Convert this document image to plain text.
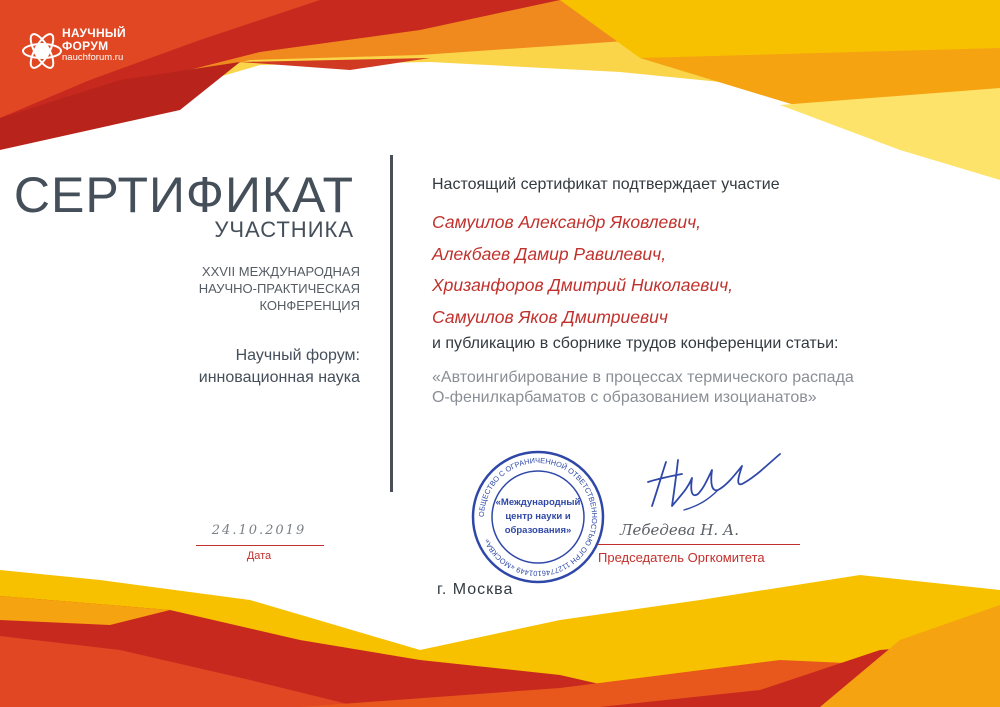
НАУЧНЫЙ
ФОРУМ
nauchforum.ru
СЕРТИФИКАТ
УЧАСТНИКА
XXVII МЕЖДУНАРОДНАЯ
НАУЧНО-ПРАКТИЧЕСКАЯ
КОНФЕРЕНЦИЯ
Научный форум:
инновационная наука
Настоящий сертификат подтверждает участие
Самуилов Александр Яковлевич,
Алекбаев Дамир Равилевич,
Хризанфоров Дмитрий Николаевич,
Самуилов Яков Дмитриевич
и публикацию в сборнике трудов конференции статьи:
«Автоингибирование в процессах термического распада
О-фенилкарбаматов с образованием изоцианатов»
24.10.2019
Дата
ОБЩЕСТВО С ОГРАНИЧЕННОЙ ОТВЕТСТВЕННОСТЬЮ ОГРН 1127746101449 «МОСКВА»
«Международный
центр науки и
образования»	Лебедева Н. А.
Председатель Оргкомитета
г. Москва
